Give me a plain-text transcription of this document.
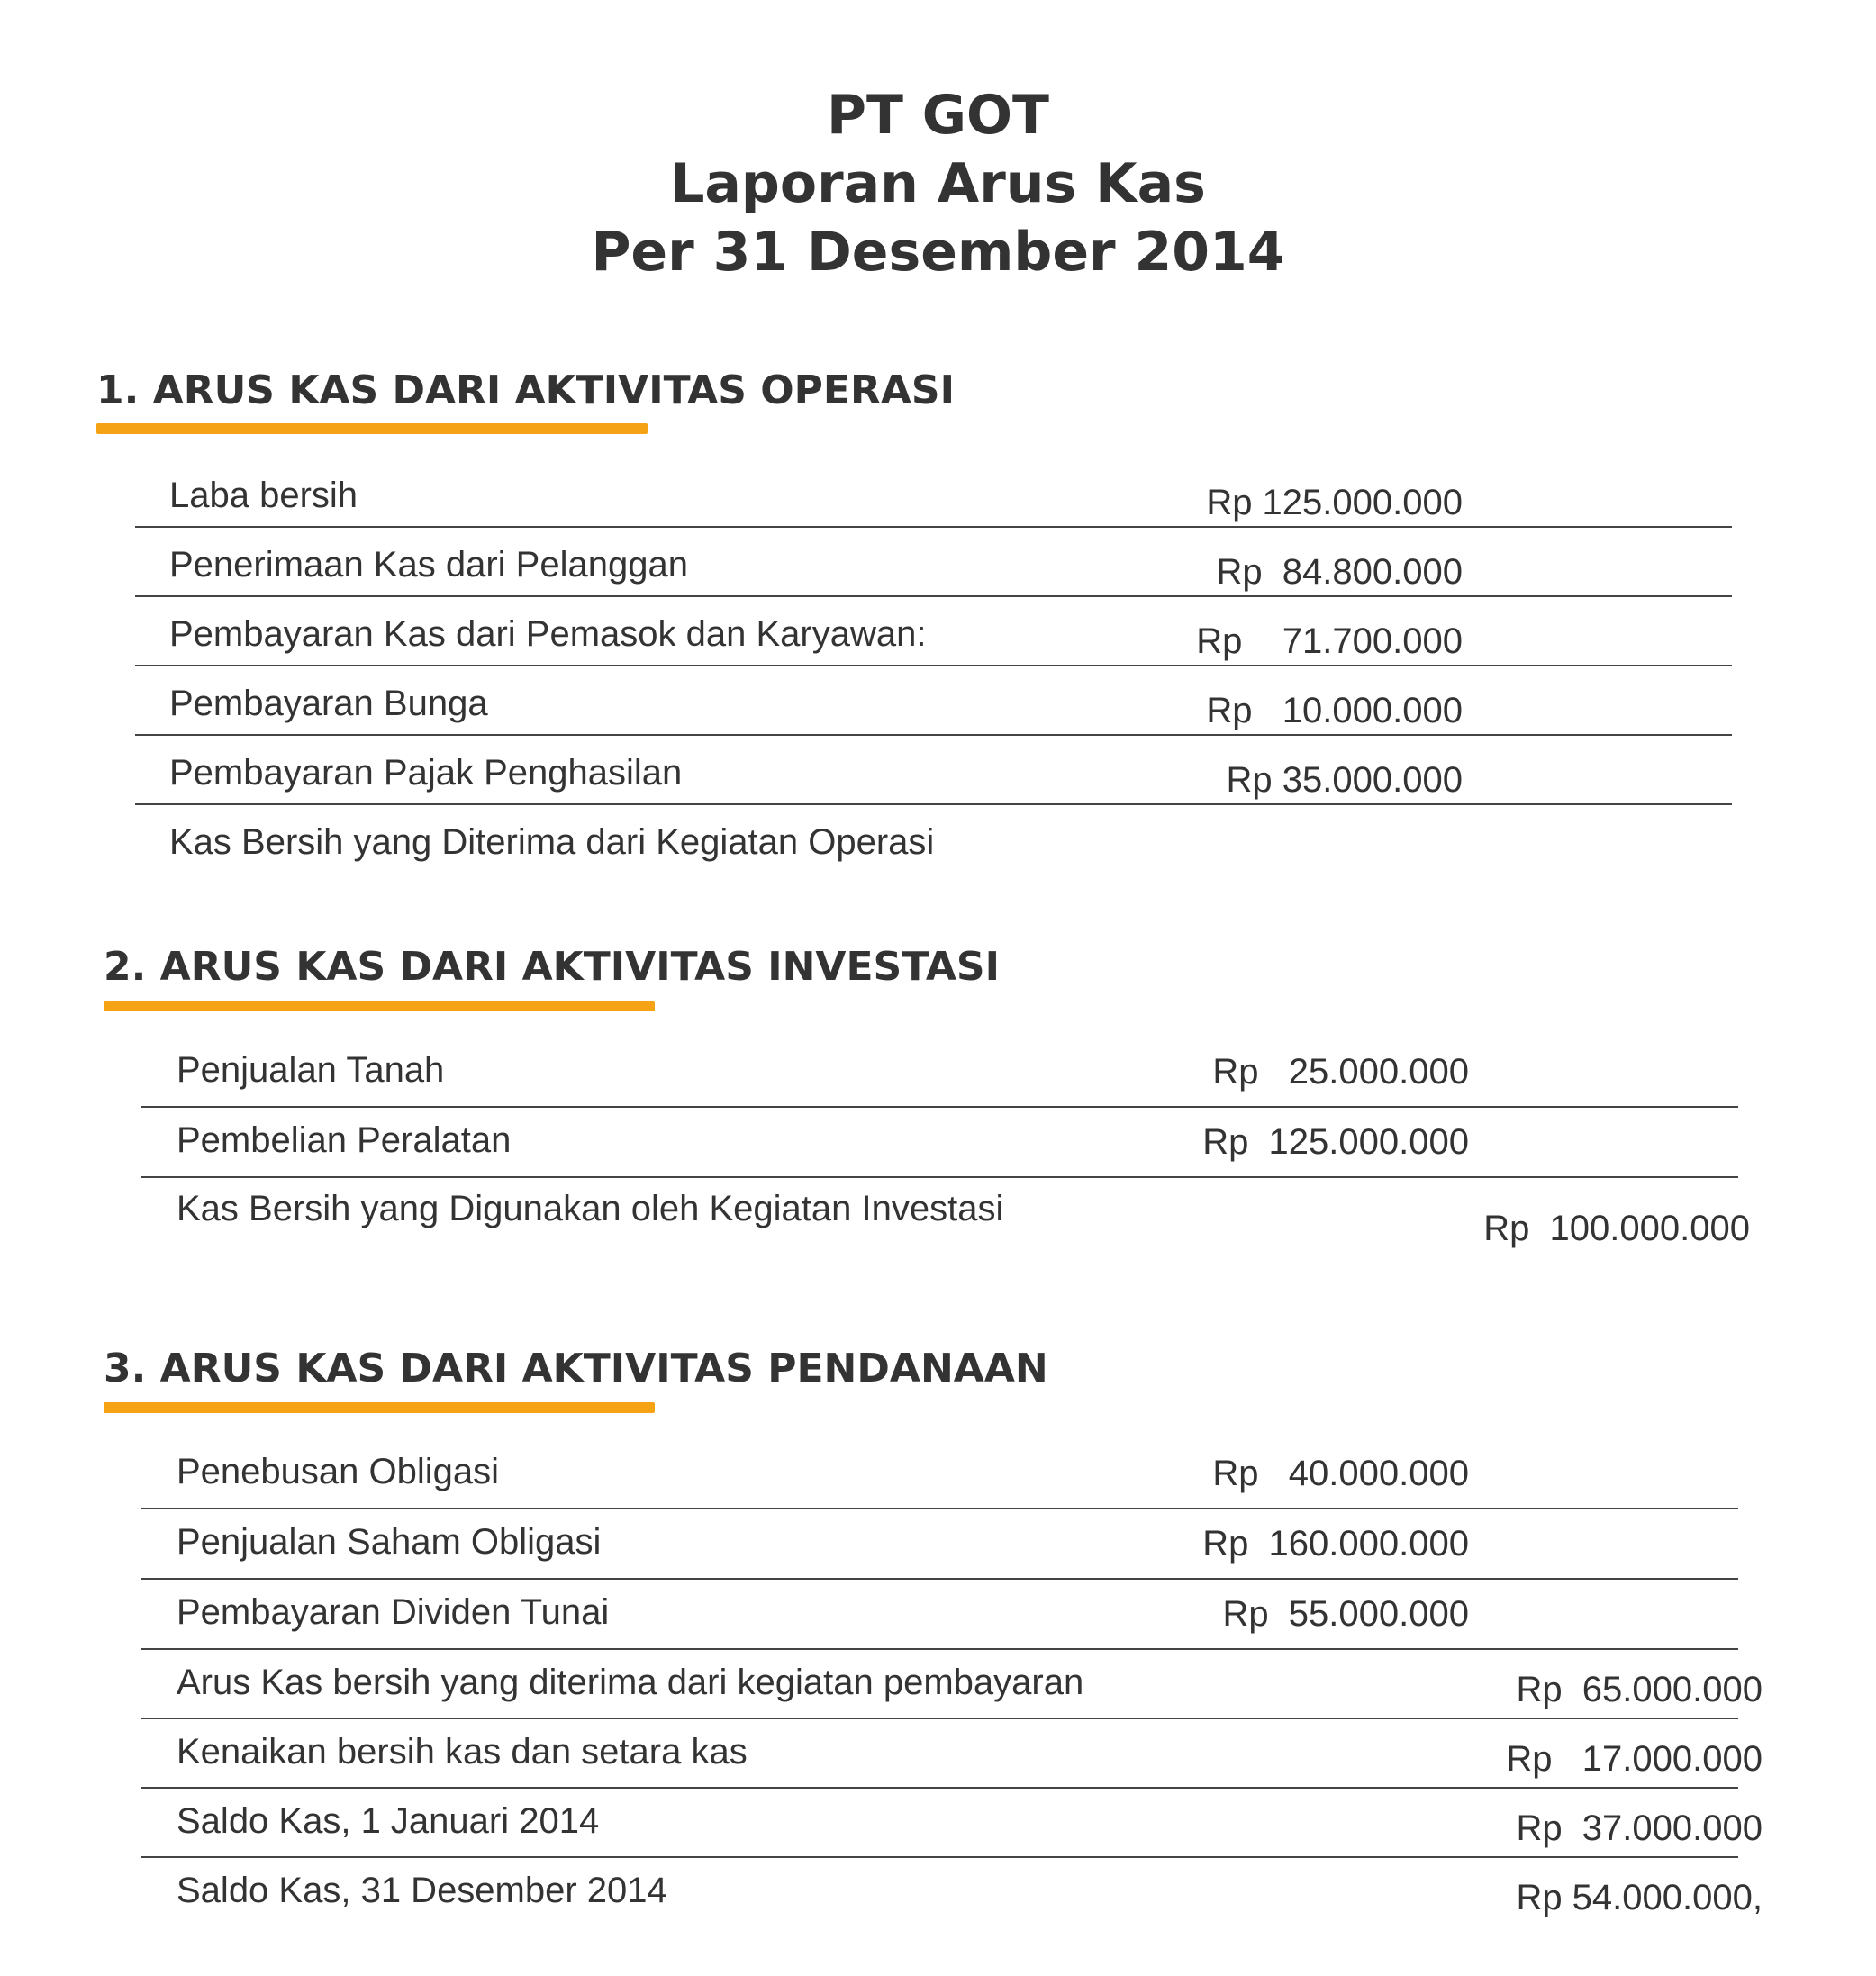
PT GOT
Laporan Arus Kas
Per 31 Desember 2014
1. ARUS KAS DARI AKTIVITAS OPERASI
Laba bersih	Rp 125.000.000
Penerimaan Kas dari Pelanggan	Rp  84.800.000
Pembayaran Kas dari Pemasok dan Karyawan:	Rp    71.700.000
Pembayaran Bunga	Rp   10.000.000
Pembayaran Pajak Penghasilan	Rp 35.000.000
Kas Bersih yang Diterima dari Kegiatan Operasi
2. ARUS KAS DARI AKTIVITAS INVESTASI
Penjualan Tanah	Rp   25.000.000
Pembelian Peralatan	Rp  125.000.000
Kas Bersih yang Digunakan oleh Kegiatan Investasi	Rp  100.000.000
3. ARUS KAS DARI AKTIVITAS PENDANAAN
Penebusan Obligasi	Rp   40.000.000
Penjualan Saham Obligasi	Rp  160.000.000
Pembayaran Dividen Tunai	Rp  55.000.000
Arus Kas bersih yang diterima dari kegiatan pembayaran	Rp  65.000.000
Kenaikan bersih kas dan setara kas	Rp   17.000.000
Saldo Kas, 1 Januari 2014	Rp  37.000.000
Saldo Kas, 31 Desember 2014	Rp 54.000.000,
